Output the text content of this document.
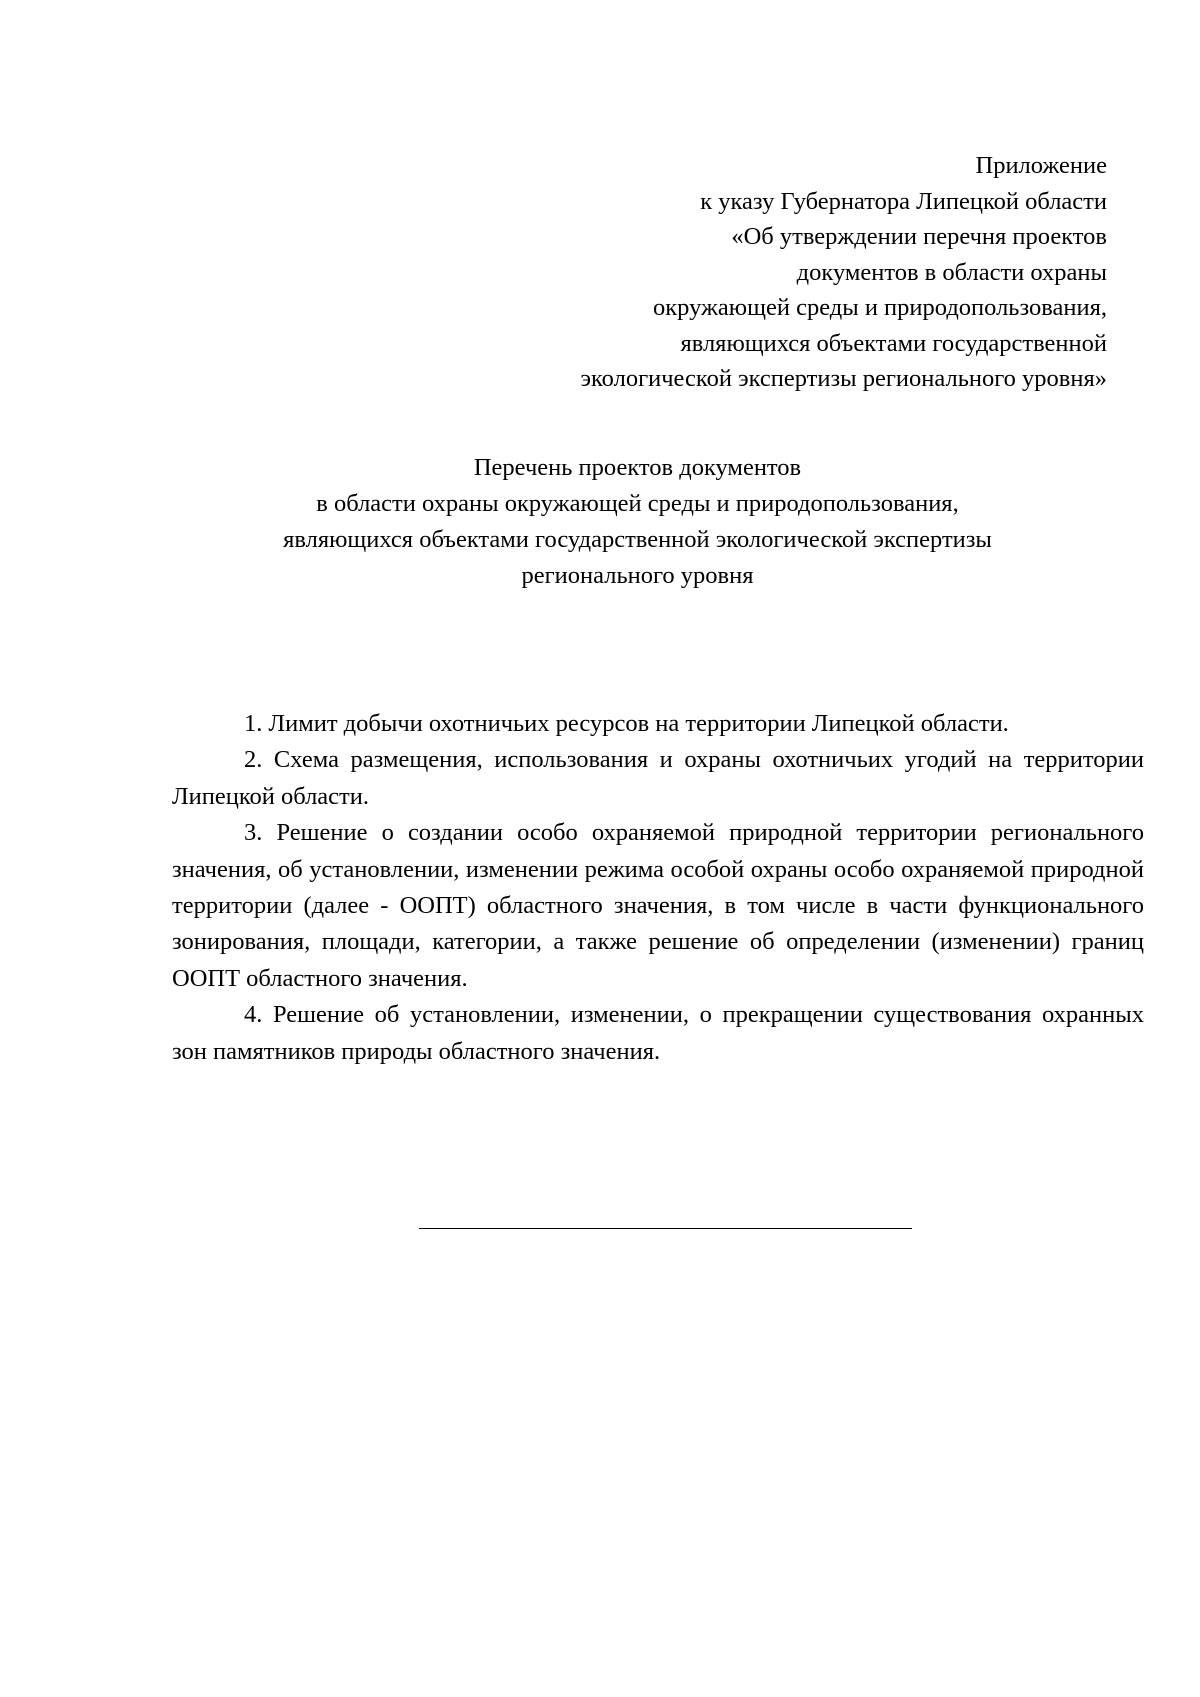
Приложение
к указу Губернатора Липецкой области
«Об утверждении перечня проектов
документов в области охраны
окружающей среды и природопользования,
являющихся объектами государственной
экологической экспертизы регионального уровня»
Перечень проектов документов
в области охраны окружающей среды и природопользования,
являющихся объектами государственной экологической экспертизы
регионального уровня

1. Лимит добычи охотничьих ресурсов на территории Липецкой области.

2. Схема размещения, использования и охраны охотничьих угодий на территории Липецкой области.

3. Решение о создании особо охраняемой природной территории регионального значения, об установлении, изменении режима особой охраны особо охраняемой природной территории (далее - ООПТ) областного значения, в том числе в части функционального зонирования, площади, категории, а также решение об определении (изменении) границ ООПТ областного значения.

4. Решение об установлении, изменении, о прекращении существования охранных зон памятников природы областного значения.
